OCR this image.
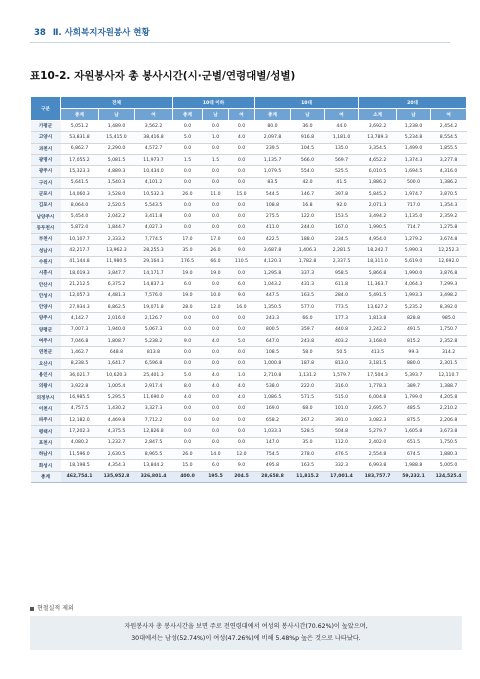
38 Ⅱ. 사회복지자원봉사 현황
표10-2. 자원봉사자 총 봉사시간(시·군별/연령대별/성별)
구분	전체			10대 이하			10대			20대		
	총계	남	여	총계	남	여	총계	남	여	소계	남	여
가평군	5,051.2	1,489.0	3,562.2	0.0	0.0	0.0	80.0	36.0	44.0	3,692.2	1,238.0	2,454.2
고양시	53,831.8	15,415.0	38,416.8	5.0	1.0	4.0	2,097.8	916.8	1,181.0	13,789.3	5,234.8	8,554.5
과천시	6,862.7	2,290.0	4,572.7	0.0	0.0	0.0	239.5	104.5	135.0	3,354.5	1,499.0	1,855.5
광명시	17,055.2	5,081.5	11,973.7	1.5	1.5	0.0	1,135.7	566.0	569.7	4,652.2	1,374.3	3,277.8
광주시	15,323.3	4,889.3	10,434.0	0.0	0.0	0.0	1,079.5	554.0	525.5	6,010.5	1,694.5	4,316.0
구리시	5,641.5	1,540.3	4,101.2	0.0	0.0	0.0	83.5	42.0	41.5	1,886.2	500.0	1,386.2
군포시	14,060.3	3,528.0	10,532.3	26.0	11.0	15.0	544.5	146.7	397.8	5,845.2	1,974.7	3,870.5
김포시	8,064.0	2,520.5	5,543.5	0.0	0.0	0.0	108.8	16.8	92.0	2,071.3	717.0	1,354.3
남양주시	5,454.0	2,042.2	3,411.8	0.0	0.0	0.0	275.5	122.0	153.5	3,494.2	1,135.0	2,359.2
동두천시	5,872.0	1,844.7	4,027.3	0.0	0.0	0.0	411.0	244.0	167.0	1,990.5	714.7	1,275.8
부천시	10,107.7	2,333.2	7,774.5	17.0	17.0	0.0	422.5	188.0	234.5	4,954.0	1,279.2	3,674.8
성남시	42,217.7	13,962.3	28,255.3	35.0	26.0	9.0	3,687.8	1,406.3	2,281.5	18,242.7	5,990.3	12,252.3
수원시	41,144.8	11,980.5	29,164.3	176.5	66.0	110.5	4,120.3	1,782.8	2,337.5	18,311.0	5,619.0	12,692.0
시흥시	18,019.3	3,847.7	14,171.7	19.0	19.0	0.0	1,295.8	337.3	958.5	5,866.8	1,990.0	3,876.8
안산시	21,212.5	6,375.2	14,837.3	6.0	0.0	6.0	1,043.2	431.3	611.8	11,363.7	4,064.3	7,299.3
안성시	12,057.3	4,481.3	7,576.0	19.0	10.0	9.0	447.5	163.5	284.0	5,491.5	1,993.3	3,498.2
안양시	27,934.3	8,862.5	19,071.8	28.0	12.0	16.0	1,350.5	577.0	773.5	13,627.2	5,235.2	8,392.0
양주시	4,142.7	2,016.0	2,126.7	0.0	0.0	0.0	243.3	66.0	177.3	1,813.8	828.8	985.0
양평군	7,007.3	1,940.0	5,067.3	0.0	0.0	0.0	800.5	359.7	440.8	2,242.2	491.5	1,750.7
여주시	7,046.8	1,808.7	5,238.2	9.0	4.0	5.0	647.0	243.8	403.2	3,168.0	815.2	2,352.8
연천군	1,462.7	648.8	813.8	0.0	0.0	0.0	108.5	58.0	50.5	413.5	99.3	314.2
오산시	8,238.5	1,641.7	6,596.8	0.0	0.0	0.0	1,000.8	187.8	813.0	3,181.5	880.0	2,301.5
용인시	36,021.7	10,620.3	25,401.3	5.0	4.0	1.0	2,710.8	1,131.2	1,579.7	17,504.3	5,393.7	12,110.7
의왕시	3,922.8	1,005.4	2,917.4	8.0	4.0	4.0	538.0	222.0	316.0	1,778.3	389.7	1,388.7
의정부시	16,985.5	5,295.5	11,690.0	4.0	0.0	4.0	1,086.5	571.5	515.0	6,004.8	1,799.0	4,205.8
이천시	4,757.5	1,430.2	3,327.3	0.0	0.0	0.0	169.0	68.0	101.0	2,695.7	485.5	2,210.2
파주시	12,182.0	4,469.8	7,712.2	0.0	0.0	0.0	658.2	267.2	391.0	3,082.3	875.5	2,206.8
평택시	17,202.3	4,375.5	12,826.8	0.0	0.0	0.0	1,033.3	528.5	504.8	5,279.7	1,605.8	3,673.8
포천시	4,080.2	1,232.7	2,847.5	0.0	0.0	0.0	147.0	35.0	112.0	2,402.0	651.5	1,750.5
하남시	11,596.0	2,630.5	8,965.5	26.0	14.0	12.0	754.5	278.0	476.5	2,554.8	674.5	1,880.3
화성시	18,198.5	4,354.3	13,844.2	15.0	6.0	9.0	495.8	163.5	332.3	6,993.8	1,988.8	5,005.0
총계	462,754.1	135,952.8	326,801.4	400.0	195.5	204.5	28,658.8	11,815.2	17,001.4	183,757.7	59,232.1	124,525.4
현철실적 제외
자원봉사자 총 봉사시간을 보면 주로 전연령대에서 여성의 봉사시간(70.62%)이 높았으며,
30대에서는 남성(52.74%)이 여성(47.26%)에 비해 5.48%p 높은 것으로 나타났다.
